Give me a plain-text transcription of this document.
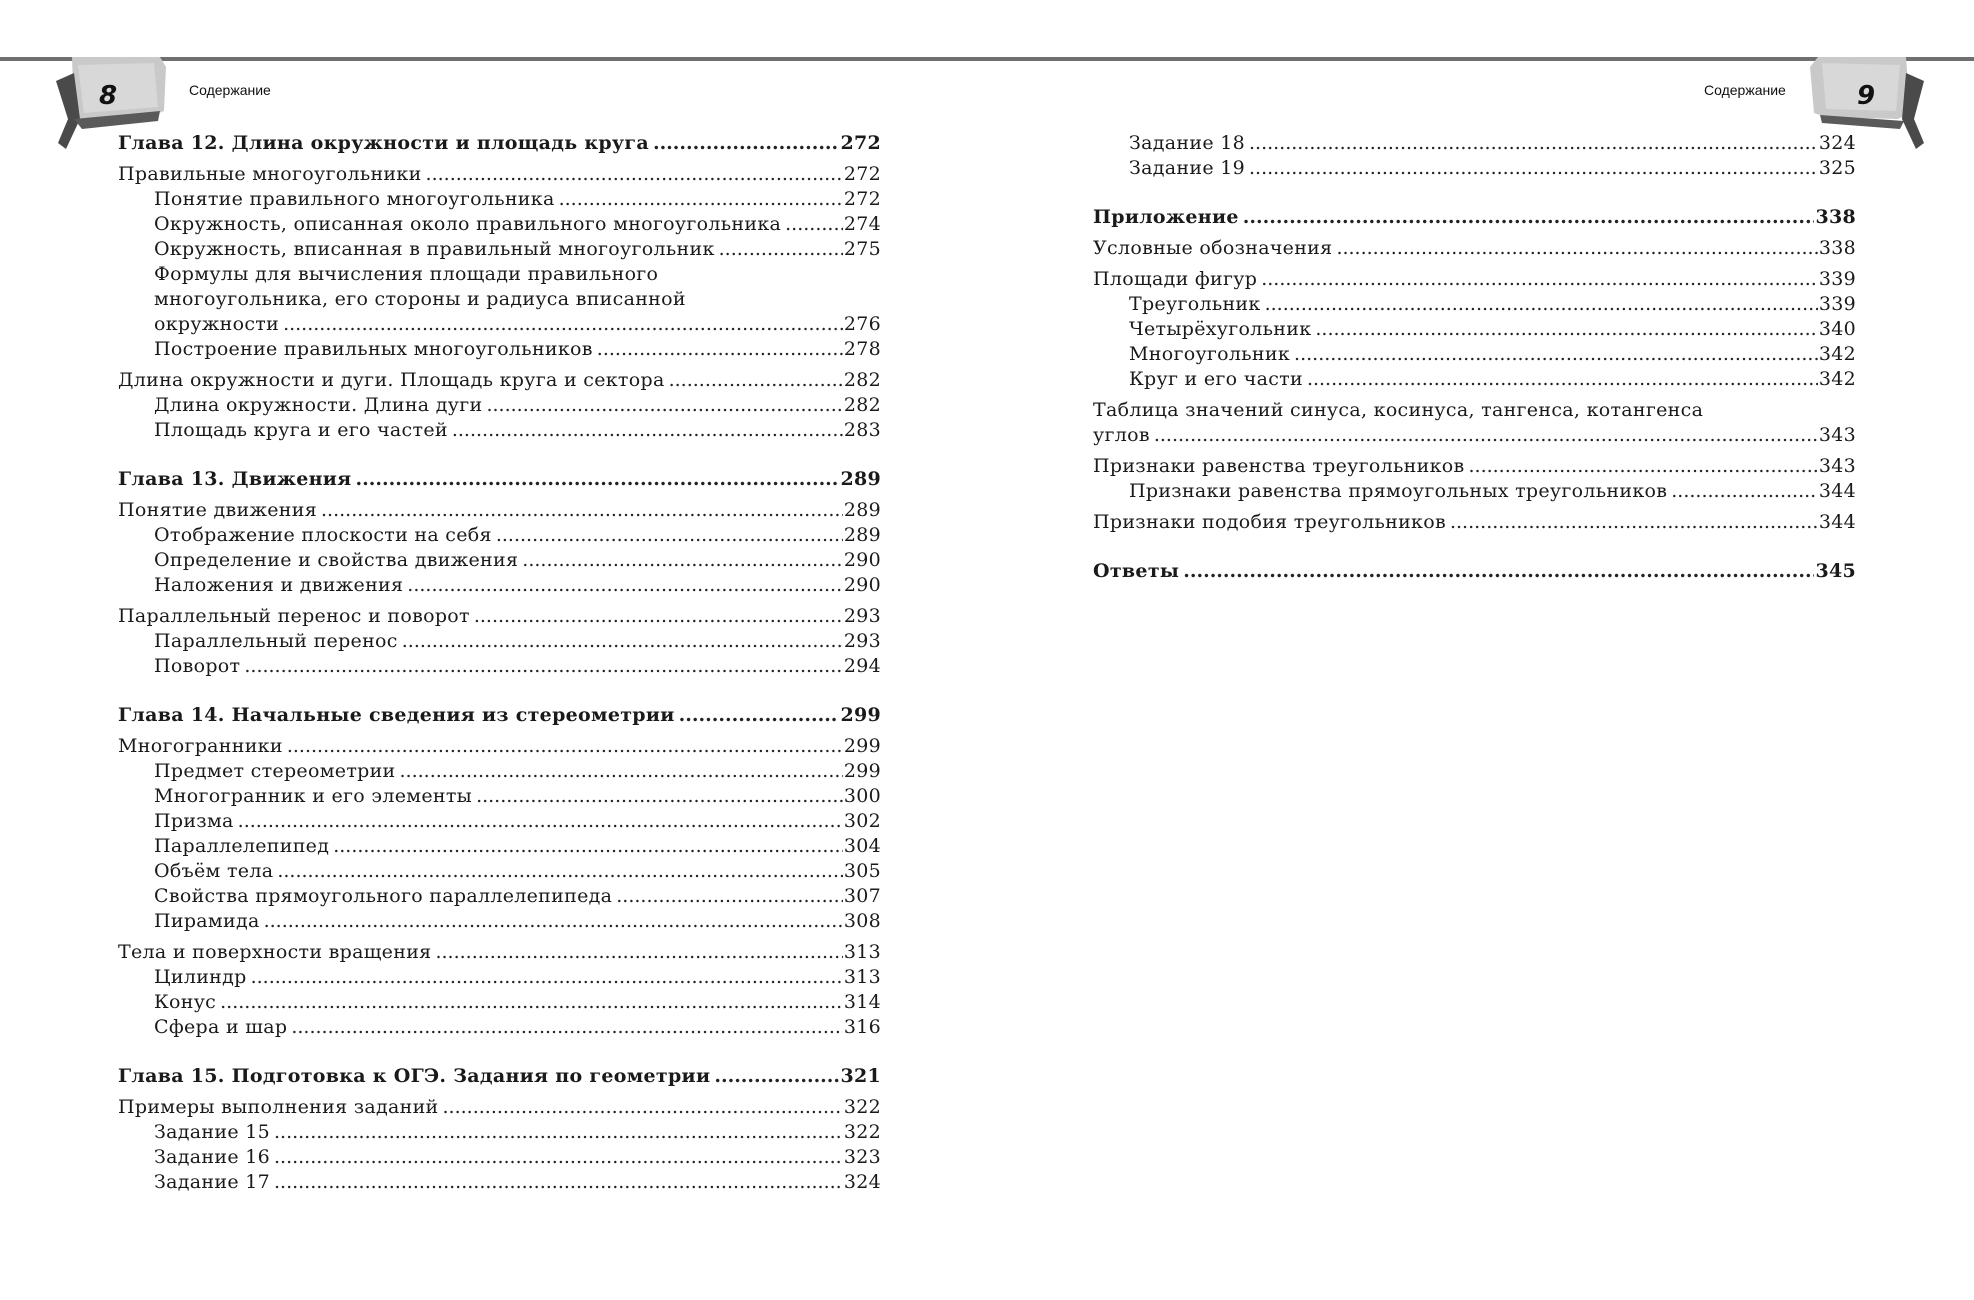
8	Содержание	9
Содержание
Глава 12. Длина окружности и площадь круга .....	272
Правильные многоугольники .....	272
Понятие правильного многоугольника .....	272
Окружность, описанная около правильного многоугольника .....	274
Окружность, вписанная в правильный многоугольник .....	275
Формулы для вычисления площади правильного
многоугольника, его стороны и радиуса вписанной
окружности .....	276
Построение правильных многоугольников .....	278
Длина окружности и дуги. Площадь круга и сектора .....	282
Длина окружности. Длина дуги .....	282
Площадь круга и его частей .....	283
Глава 13. Движения .....	289
Понятие движения .....	289
Отображение плоскости на себя .....	289
Определение и свойства движения .....	290
Наложения и движения .....	290
Параллельный перенос и поворот .....	293
Параллельный перенос .....	293
Поворот .....	294
Глава 14. Начальные сведения из стереометрии .....	299
Многогранники .....	299
Предмет стереометрии .....	299
Многогранник и его элементы .....	300
Призма .....	302
Параллелепипед .....	304
Объём тела .....	305
Свойства прямоугольного параллелепипеда .....	307
Пирамида .....	308
Тела и поверхности вращения .....	313
Цилиндр .....	313
Конус .....	314
Сфера и шар .....	316
Глава 15. Подготовка к ОГЭ. Задания по геометрии .....	321
Примеры выполнения заданий .....	322
Задание 15 .....	322
Задание 16 .....	323
Задание 17 .....	324
Задание 18 .....	324
Задание 19 .....	325
Приложение .....	338
Условные обозначения .....	338
Площади фигур .....	339
Треугольник .....	339
Четырёхугольник .....	340
Многоугольник .....	342
Круг и его части .....	342
Таблица значений синуса, косинуса, тангенса, котангенса
углов .....	343
Признаки равенства треугольников .....	343
Признаки равенства прямоугольных треугольников .....	344
Признаки подобия треугольников .....	344
Ответы .....	345
